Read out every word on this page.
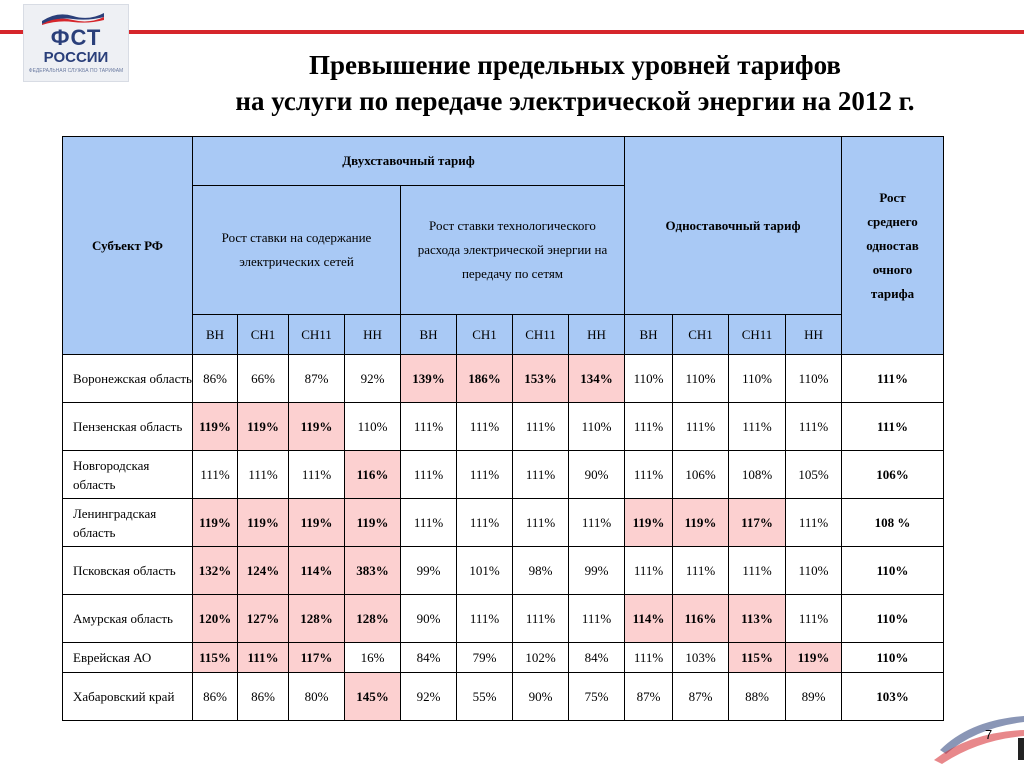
ФСТ
РОССИИ
ФЕДЕРАЛЬНАЯ СЛУЖБА ПО ТАРИФАМ	Превышение предельных уровней тарифов
на услуги по передаче электрической энергии на 2012 г.
Субъект РФ	Двухставочный тариф								Одноставочный тариф				Рост
среднего
одностав
очного
тарифа

	Рост ставки на содержание электрических сетей				Рост ставки технологического расхода электрической энергии на передачу по сетям								
	ВН	СН1	СН11	НН	ВН	СН1	СН11	НН	ВН	СН1	СН11	НН	
Воронежская область	86%	66%	87%	92%	139%	186%	153%	134%	110%	110%	110%	110%	111%
Пензенская область	119%	119%	119%	110%	111%	111%	111%	110%	111%	111%	111%	111%	111%
Новгородская область	111%	111%	111%	116%	111%	111%	111%	90%	111%	106%	108%	105%	106%
Ленинградская область	119%	119%	119%	119%	111%	111%	111%	111%	119%	119%	117%	111%	108 %
Псковская область	132%	124%	114%	383%	99%	101%	98%	99%	111%	111%	111%	110%	110%
Амурская область	120%	127%	128%	128%	90%	111%	111%	111%	114%	116%	113%	111%	110%
Еврейская АО	115%	111%	117%	16%	84%	79%	102%	84%	111%	103%	115%	119%	110%
Хабаровский край	86%	86%	80%	145%	92%	55%	90%	75%	87%	87%	88%	89%	103%
7
